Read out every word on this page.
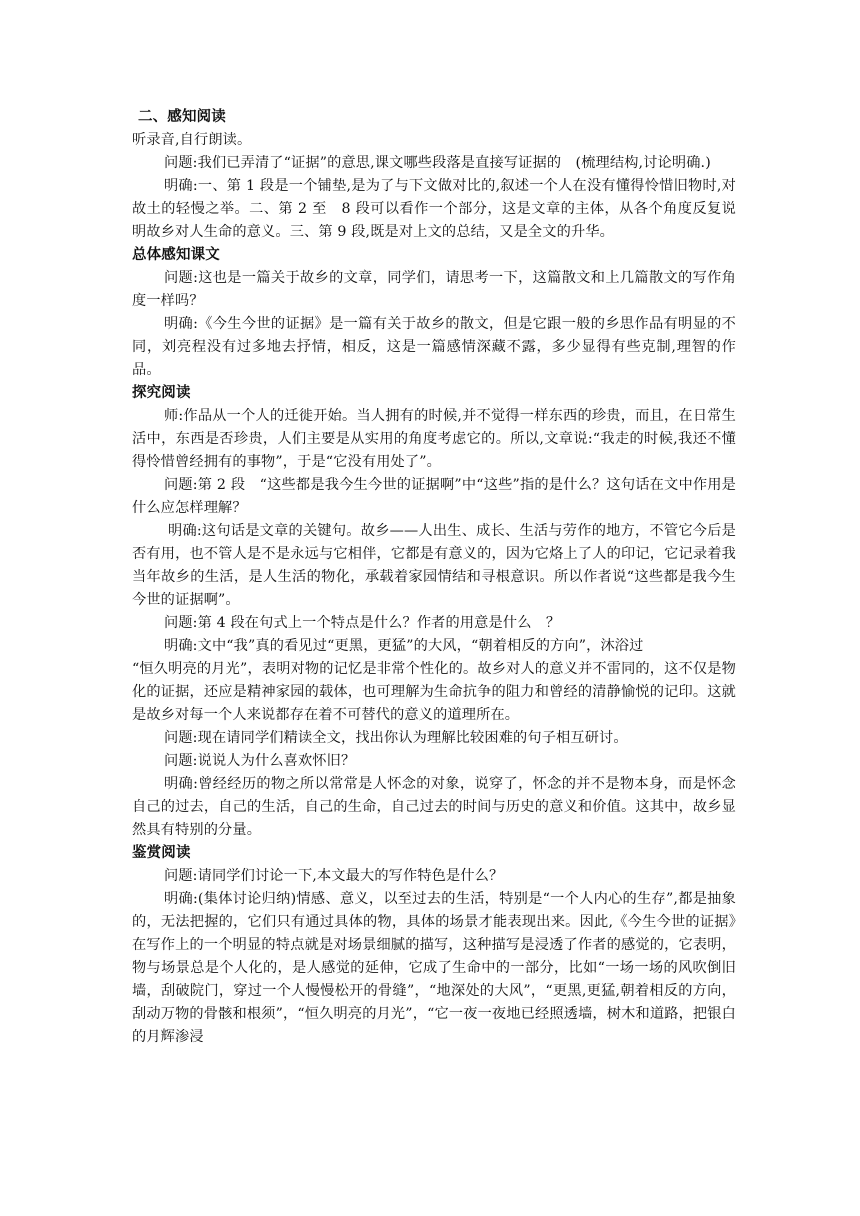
二、感知阅读

听录音,自行朗读。

问题:我们已弄清了“证据”的意思,课文哪些段落是直接写证据的　(梳理结构,讨论明确.)

明确:一、第 1 段是一个铺垫,是为了与下文做对比的,叙述一个人在没有懂得怜惜旧物时,对故土的轻慢之举。二、第 2 至　8 段可以看作一个部分，这是文章的主体，从各个角度反复说明故乡对人生命的意义。三、第 9 段,既是对上文的总结，又是全文的升华。

总体感知课文

问题:这也是一篇关于故乡的文章，同学们，请思考一下，这篇散文和上几篇散文的写作角度一样吗？

明确:《今生今世的证据》是一篇有关于故乡的散文，但是它跟一般的乡思作品有明显的不同，刘亮程没有过多地去抒情，相反，这是一篇感情深藏不露，多少显得有些克制,理智的作品。

探究阅读

师:作品从一个人的迁徙开始。当人拥有的时候,并不觉得一样东西的珍贵，而且，在日常生活中，东西是否珍贵，人们主要是从实用的角度考虑它的。所以,文章说:“我走的时候,我还不懂得怜惜曾经拥有的事物”，于是“它没有用处了”。

问题:第 2 段　“这些都是我今生今世的证据啊”中“这些”指的是什么？这句话在文中作用是什么应怎样理解？

明确:这句话是文章的关键句。故乡——人出生、成长、生活与劳作的地方，不管它今后是否有用，也不管人是不是永远与它相伴，它都是有意义的，因为它烙上了人的印记，它记录着我当年故乡的生活，是人生活的物化，承载着家园情结和寻根意识。所以作者说“这些都是我今生今世的证据啊”。

问题:第 4 段在句式上一个特点是什么？作者的用意是什么　？

明确:文中“我”真的看见过“更黑，更猛”的大风，“朝着相反的方向”，沐浴过

“恒久明亮的月光”，表明对物的记忆是非常个性化的。故乡对人的意义并不雷同的，这不仅是物化的证据，还应是精神家园的载体，也可理解为生命抗争的阻力和曾经的清静愉悦的记印。这就是故乡对每一个人来说都存在着不可替代的意义的道理所在。

问题:现在请同学们精读全文，找出你认为理解比较困难的句子相互研讨。

问题:说说人为什么喜欢怀旧？

明确:曾经经历的物之所以常常是人怀念的对象，说穿了，怀念的并不是物本身，而是怀念自己的过去，自己的生活，自己的生命，自己过去的时间与历史的意义和价值。这其中，故乡显然具有特别的分量。

鉴赏阅读

问题:请同学们讨论一下,本文最大的写作特色是什么？

明确:(集体讨论归纳)情感、意义，以至过去的生活，特别是“一个人内心的生存”,都是抽象的，无法把握的，它们只有通过具体的物，具体的场景才能表现出来。因此,《今生今世的证据》在写作上的一个明显的特点就是对场景细腻的描写，这种描写是浸透了作者的感觉的，它表明，物与场景总是个人化的，是人感觉的延伸，它成了生命中的一部分，比如“一场一场的风吹倒旧墙，刮破院门，穿过一个人慢慢松开的骨缝”，“地深处的大风”，“更黑,更猛,朝着相反的方向，刮动万物的骨骸和根须”，“恒久明亮的月光”，“它一夜一夜地已经照透墙，树木和道路，把银白的月辉渗浸
